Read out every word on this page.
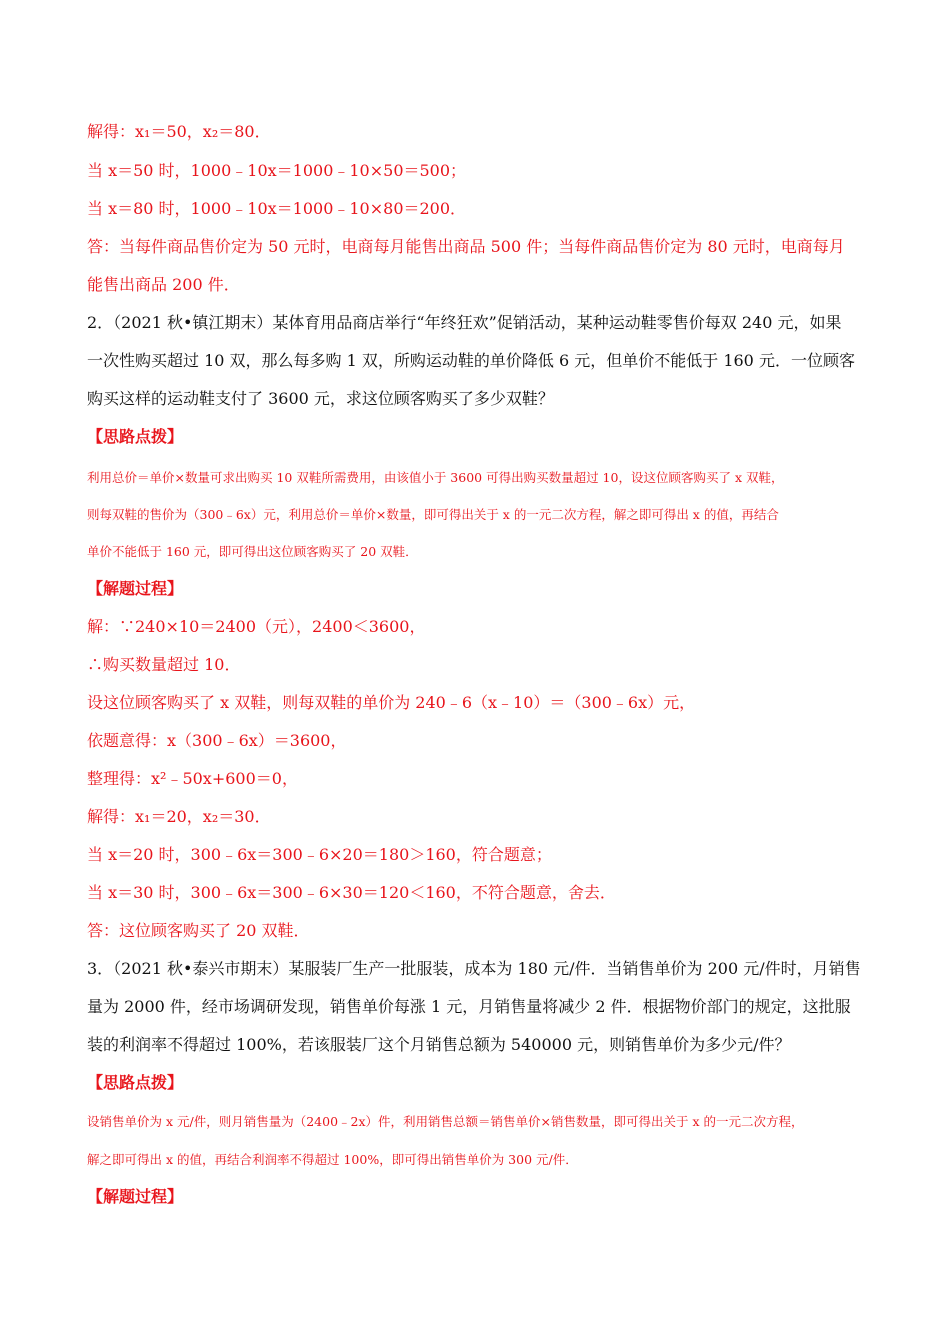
解得：x₁＝50，x₂＝80．
当 x＝50 时，1000﹣10x＝1000﹣10×50＝500；
当 x＝80 时，1000﹣10x＝1000﹣10×80＝200．
答：当每件商品售价定为 50 元时，电商每月能售出商品 500 件；当每件商品售价定为 80 元时，电商每月
能售出商品 200 件．
2．（2021 秋•镇江期末）某体育用品商店举行“年终狂欢”促销活动，某种运动鞋零售价每双 240 元，如果
一次性购买超过 10 双，那么每多购 1 双，所购运动鞋的单价降低 6 元，但单价不能低于 160 元．一位顾客
购买这样的运动鞋支付了 3600 元，求这位顾客购买了多少双鞋？
【思路点拨】
利用总价＝单价×数量可求出购买 10 双鞋所需费用，由该值小于 3600 可得出购买数量超过 10，设这位顾客购买了 x 双鞋，
则每双鞋的售价为（300﹣6x）元，利用总价＝单价×数量，即可得出关于 x 的一元二次方程，解之即可得出 x 的值，再结合
单价不能低于 160 元，即可得出这位顾客购买了 20 双鞋．
【解题过程】
解：∵240×10＝2400（元），2400＜3600，
∴购买数量超过 10．
设这位顾客购买了 x 双鞋，则每双鞋的单价为 240﹣6（x﹣10）＝（300﹣6x）元，
依题意得：x（300﹣6x）＝3600，
整理得：x²﹣50x+600＝0，
解得：x₁＝20，x₂＝30．
当 x＝20 时，300﹣6x＝300﹣6×20＝180＞160，符合题意；
当 x＝30 时，300﹣6x＝300﹣6×30＝120＜160，不符合题意，舍去．
答：这位顾客购买了 20 双鞋．
3．（2021 秋•泰兴市期末）某服装厂生产一批服装，成本为 180 元/件．当销售单价为 200 元/件时，月销售
量为 2000 件，经市场调研发现，销售单价每涨 1 元，月销售量将减少 2 件．根据物价部门的规定，这批服
装的利润率不得超过 100%，若该服装厂这个月销售总额为 540000 元，则销售单价为多少元/件？
【思路点拨】
设销售单价为 x 元/件，则月销售量为（2400﹣2x）件，利用销售总额＝销售单价×销售数量，即可得出关于 x 的一元二次方程，
解之即可得出 x 的值，再结合利润率不得超过 100%，即可得出销售单价为 300 元/件．
【解题过程】
